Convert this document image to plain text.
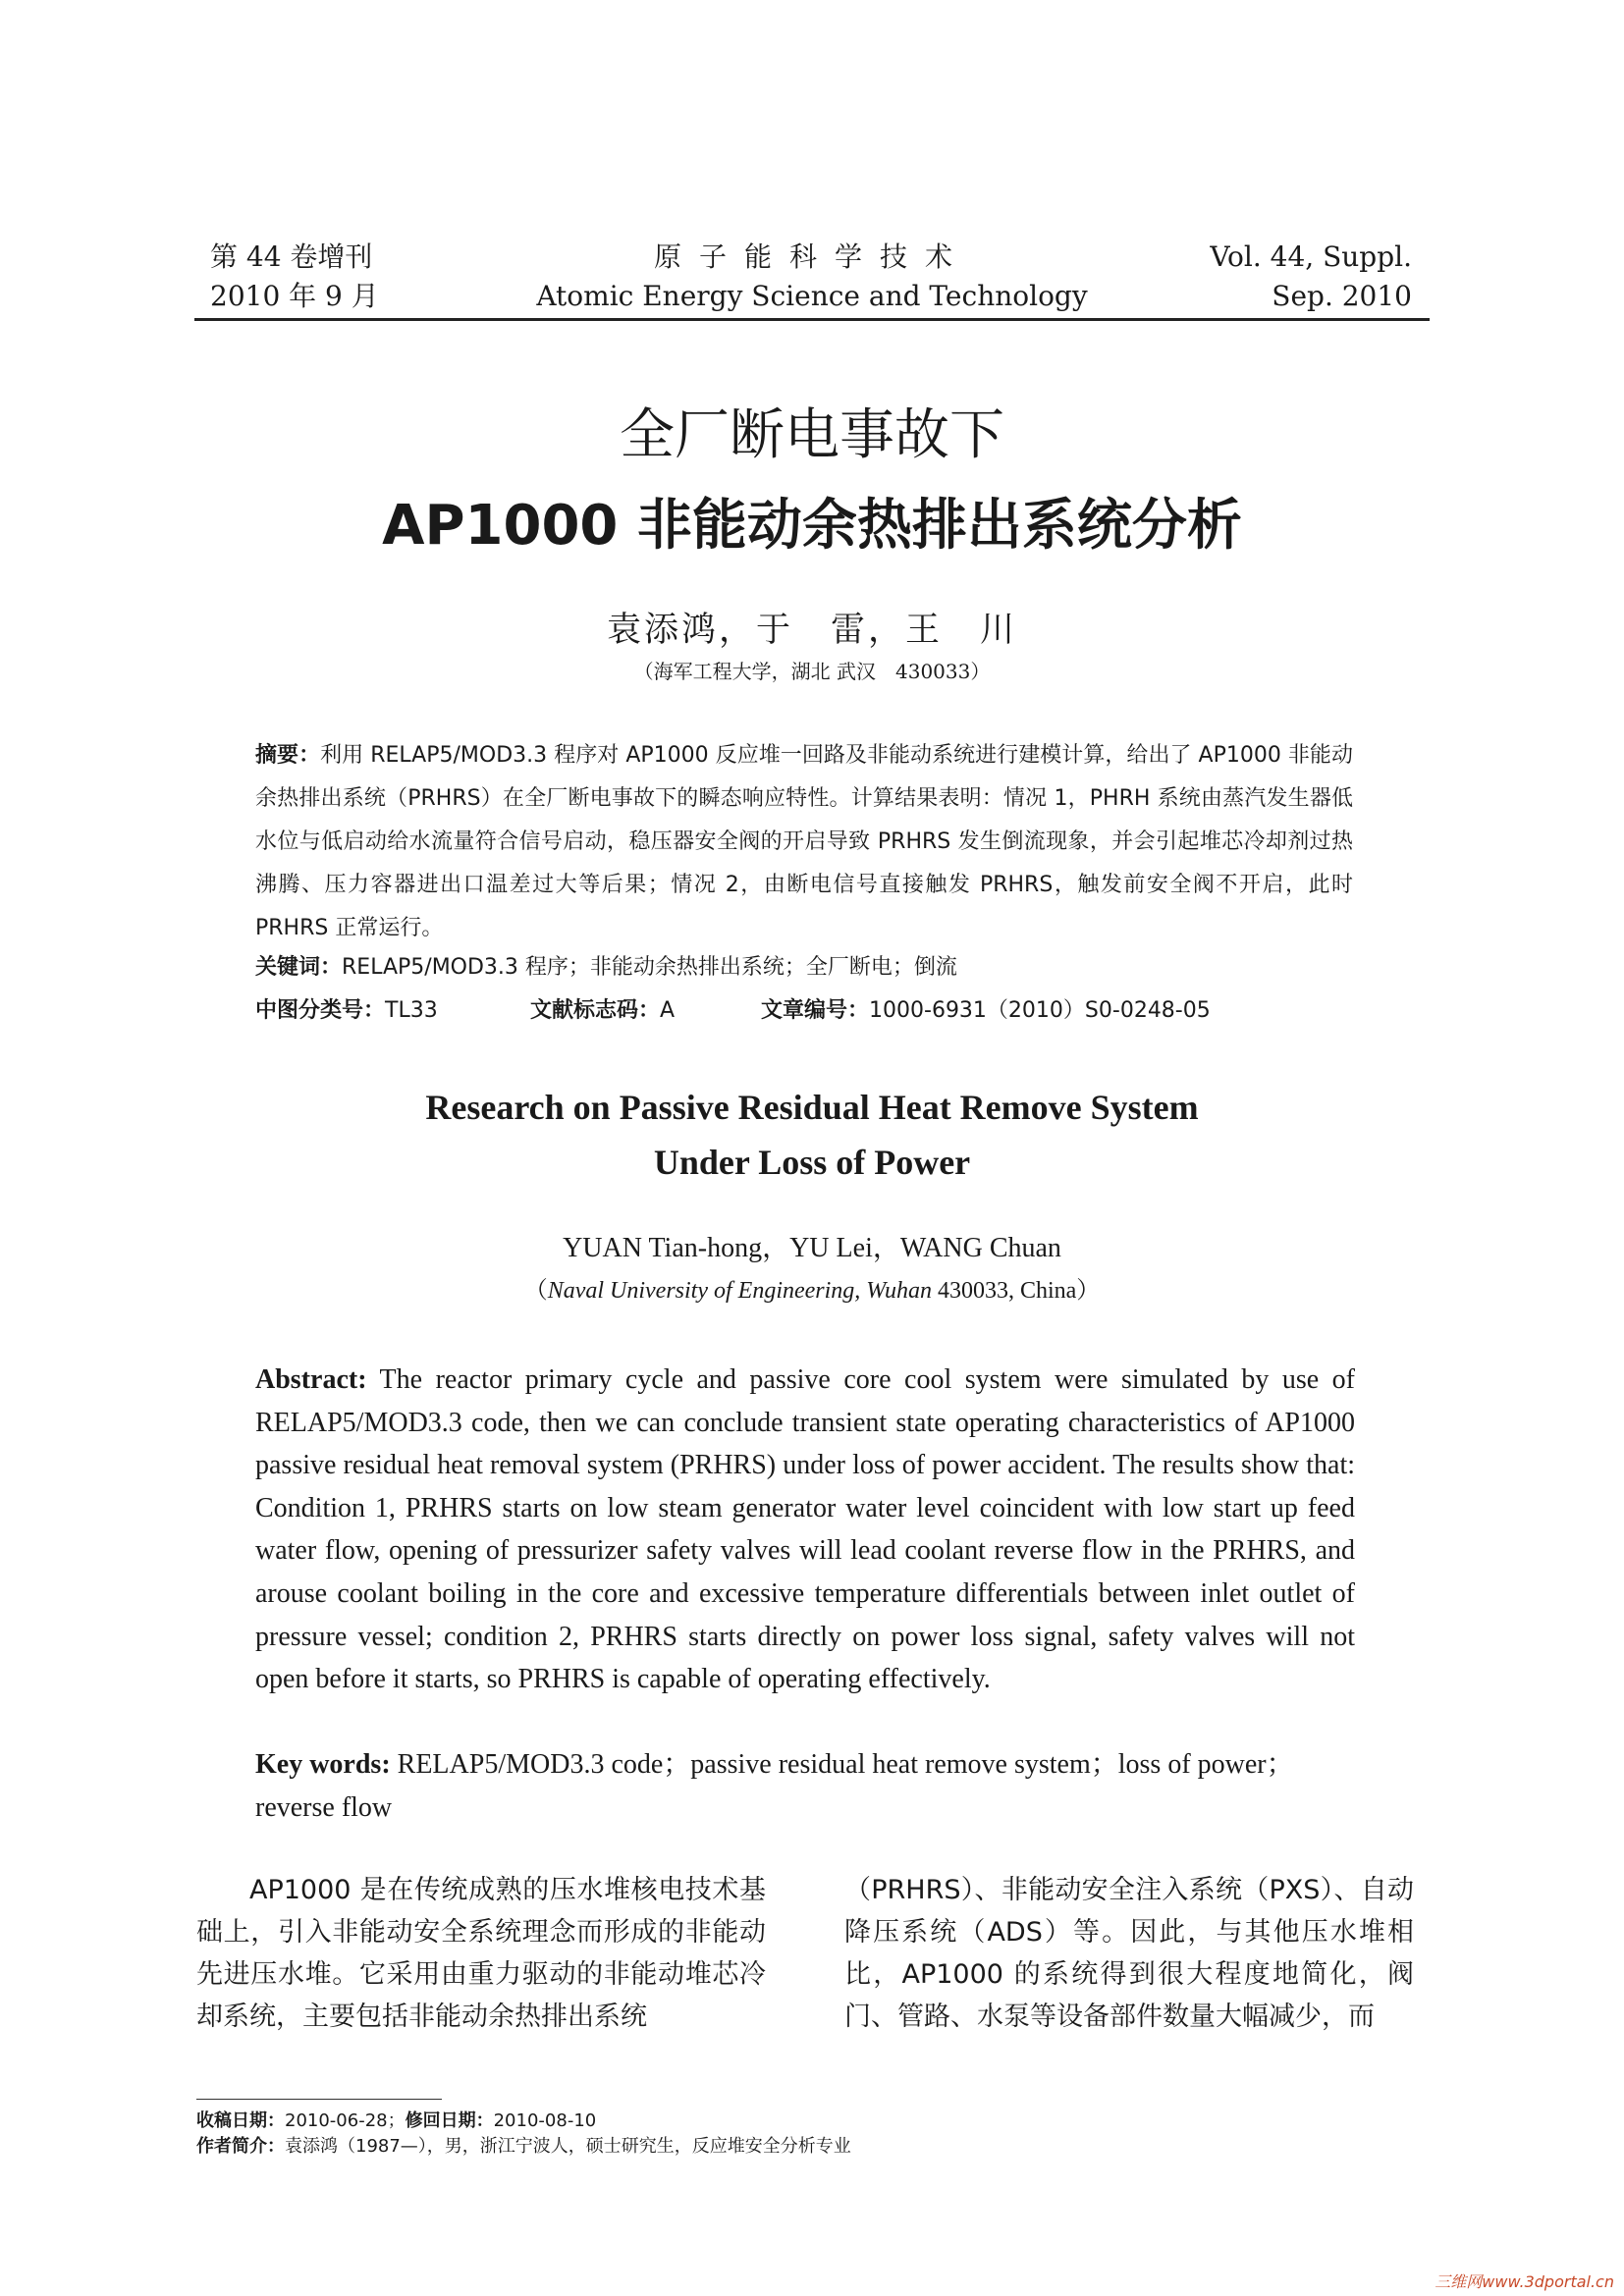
第 44 卷增刊
2010 年 9 月
原子能科学技术
Atomic Energy Science and Technology
Vol. 44, Suppl.
Sep. 2010
全厂断电事故下
AP1000 非能动余热排出系统分析
袁添鸿，于　雷，王　川
（海军工程大学，湖北 武汉　430033）
摘要：利用 RELAP5/MOD3.3 程序对 AP1000 反应堆一回路及非能动系统进行建模计算，给出了 AP1000 非能动余热排出系统（PRHRS）在全厂断电事故下的瞬态响应特性。计算结果表明：情况 1，PHRH 系统由蒸汽发生器低水位与低启动给水流量符合信号启动，稳压器安全阀的开启导致 PRHRS 发生倒流现象，并会引起堆芯冷却剂过热沸腾、压力容器进出口温差过大等后果；情况 2，由断电信号直接触发 PRHRS，触发前安全阀不开启，此时 PRHRS 正常运行。
关键词：RELAP5/MOD3.3 程序；非能动余热排出系统；全厂断电；倒流
中图分类号：TL33	文献标志码：A	文章编号：1000-6931（2010）S0-0248-05
Research on Passive Residual Heat Remove System
Under Loss of Power
YUAN Tian-hong，YU Lei，WANG Chuan
（Naval University of Engineering, Wuhan 430033, China）
Abstract: The reactor primary cycle and passive core cool system were simulated by use of RELAP5/MOD3.3 code, then we can conclude transient state operating characteristics of AP1000 passive residual heat removal system (PRHRS) under loss of power accident. The results show that: Condition 1, PRHRS starts on low steam generator water level coincident with low start up feed water flow, opening of pressurizer safety valves will lead coolant reverse flow in the PRHRS, and arouse coolant boiling in the core and excessive temperature differentials between inlet outlet of pressure vessel; condition 2, PRHRS starts directly on power loss signal, safety valves will not open before it starts, so PRHRS is capable of operating effectively.
Key words: RELAP5/MOD3.3 code；passive residual heat remove system；loss of power；reverse flow

AP1000 是在传统成熟的压水堆核电技术基础上，引入非能动安全系统理念而形成的非能动先进压水堆。它采用由重力驱动的非能动堆芯冷却系统，主要包括非能动余热排出系统

（PRHRS）、非能动安全注入系统（PXS）、自动降压系统（ADS）等。因此，与其他压水堆相比，AP1000 的系统得到很大程度地简化，阀门、管路、水泵等设备部件数量大幅减少，而

收稿日期：2010-06-28；修回日期：2010-08-10
作者简介：袁添鸿（1987—），男，浙江宁波人，硕士研究生，反应堆安全分析专业
三维网www.3dportal.cn
